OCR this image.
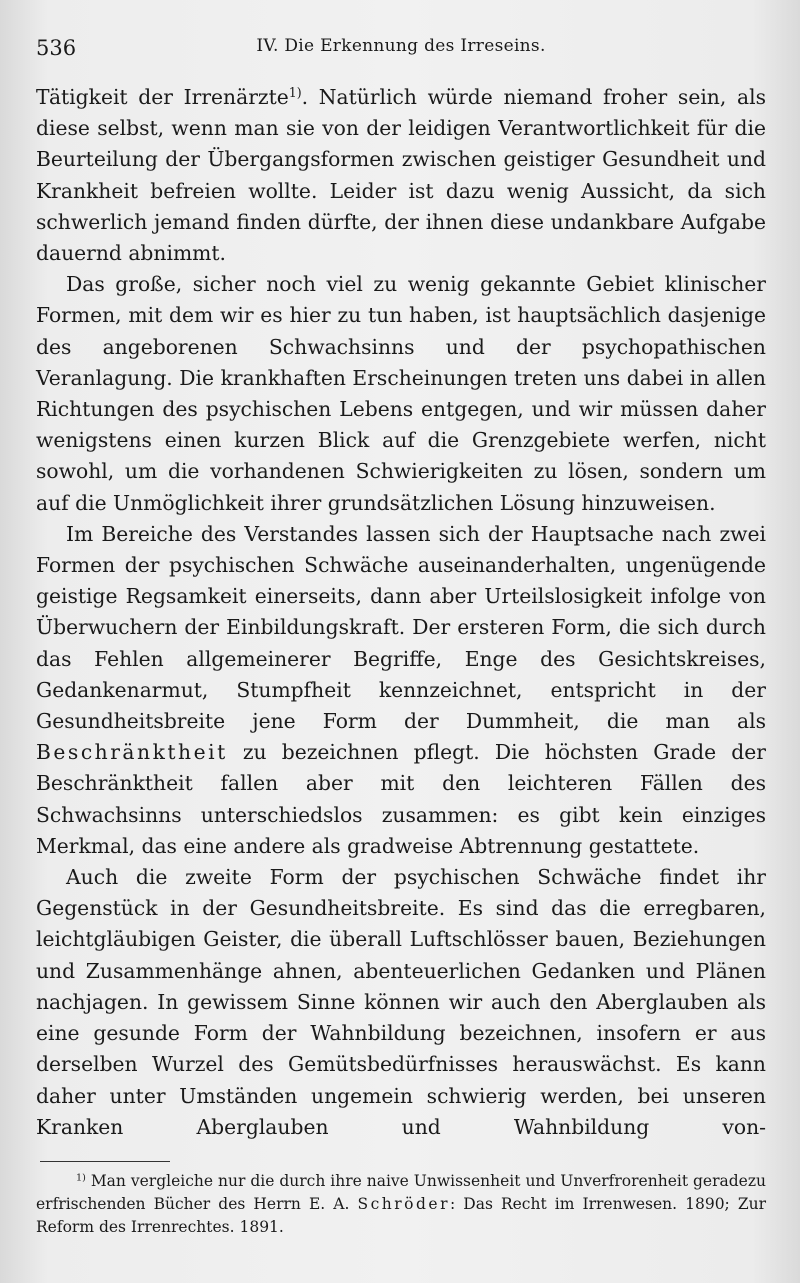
536	IV. Die Erkennung des Irreseins.

Tätigkeit der Irrenärzte$^{1)}$. Natürlich würde niemand froher sein, als diese selbst, wenn man sie von der leidigen Verantwortlichkeit für die Beurteilung der Übergangsformen zwischen geistiger Gesundheit und Krankheit befreien wollte. Leider ist dazu wenig Aussicht, da sich schwerlich jemand finden dürfte, der ihnen diese undankbare Aufgabe dauernd abnimmt.

Das große, sicher noch viel zu wenig gekannte Gebiet klinischer Formen, mit dem wir es hier zu tun haben, ist hauptsächlich dasjenige des angeborenen Schwachsinns und der psychopathischen Veranlagung. Die krankhaften Erscheinungen treten uns dabei in allen Richtungen des psychischen Lebens entgegen, und wir müssen daher wenigstens einen kurzen Blick auf die Grenzgebiete werfen, nicht sowohl, um die vorhandenen Schwierigkeiten zu lösen, sondern um auf die Unmöglichkeit ihrer grundsätzlichen Lösung hinzuweisen.

Im Bereiche des Verstandes lassen sich der Hauptsache nach zwei Formen der psychischen Schwäche auseinanderhalten, ungenügende geistige Regsamkeit einerseits, dann aber Urteilslosigkeit infolge von Überwuchern der Einbildungskraft. Der ersteren Form, die sich durch das Fehlen allgemeinerer Begriffe, Enge des Gesichtskreises, Gedankenarmut, Stumpfheit kennzeichnet, entspricht in der Gesundheitsbreite jene Form der Dummheit, die man als Beschränktheit zu bezeichnen pflegt. Die höchsten Grade der Beschränktheit fallen aber mit den leichteren Fällen des Schwachsinns unterschiedslos zusammen: es gibt kein einziges Merkmal, das eine andere als gradweise Abtrennung gestattete.

Auch die zweite Form der psychischen Schwäche findet ihr Gegenstück in der Gesundheitsbreite. Es sind das die erregbaren, leichtgläubigen Geister, die überall Luftschlösser bauen, Beziehungen und Zusammenhänge ahnen, abenteuerlichen Gedanken und Plänen nachjagen. In gewissem Sinne können wir auch den Aberglauben als eine gesunde Form der Wahnbildung bezeichnen, insofern er aus derselben Wurzel des Gemütsbedürfnisses herauswächst. Es kann daher unter Umständen ungemein schwierig werden, bei unseren Kranken Aberglauben und Wahnbildung von-

$^{1)}$ Man vergleiche nur die durch ihre naive Unwissenheit und Unverfrorenheit geradezu erfrischenden Bücher des Herrn E. A. Schröder: Das Recht im Irrenwesen. 1890; Zur Reform des Irrenrechtes. 1891.
